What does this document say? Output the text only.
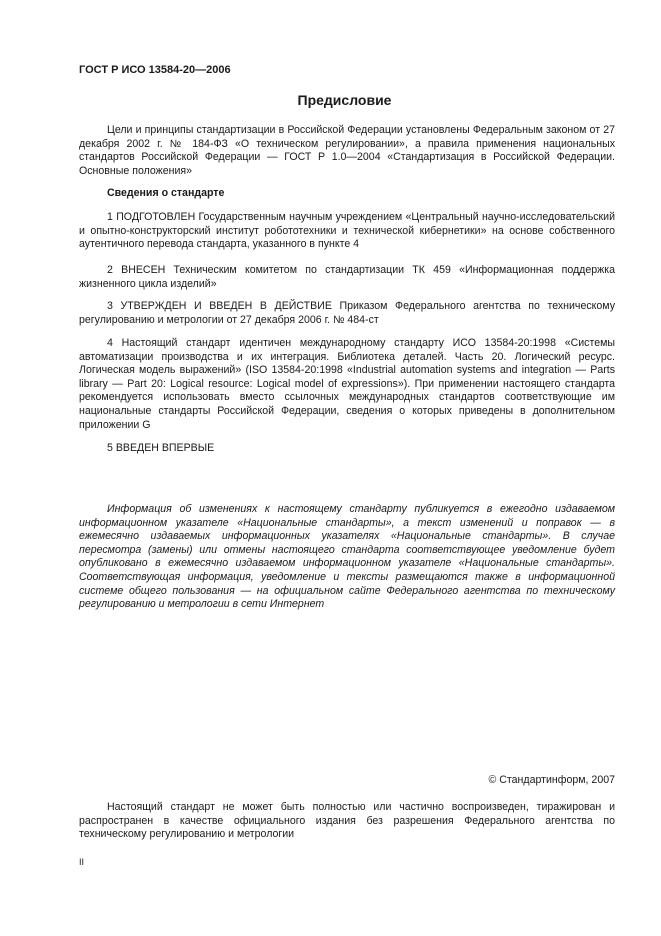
ГОСТ Р ИСО 13584-20—2006
Предисловие

Цели и принципы стандартизации в Российской Федерации установлены Федеральным законом от 27 декабря 2002 г. № 184-ФЗ «О техническом регулировании», а правила применения национальных стандартов Российской Федерации — ГОСТ Р 1.0—2004 «Стандартизация в Российской Федерации. Основные положения»

Сведения о стандарте

1 ПОДГОТОВЛЕН Государственным научным учреждением «Центральный научно-исследовательский и опытно-конструкторский институт робототехники и технической кибернетики» на основе собственного аутентичного перевода стандарта, указанного в пункте 4

2 ВНЕСЕН Техническим комитетом по стандартизации ТК 459 «Информационная поддержка жизненного цикла изделий»

3 УТВЕРЖДЕН И ВВЕДЕН В ДЕЙСТВИЕ Приказом Федерального агентства по техническому регулированию и метрологии от 27 декабря 2006 г. № 484-ст

4 Настоящий стандарт идентичен международному стандарту ИСО 13584-20:1998 «Системы автоматизации производства и их интеграция. Библиотека деталей. Часть 20. Логический ресурс. Логическая модель выражений» (ISO 13584-20:1998 «Industrial automation systems and integration — Parts library — Part 20: Logical resource: Logical model of expressions»). При применении настоящего стандарта рекомендуется использовать вместо ссылочных международных стандартов соответствующие им национальные стандарты Российской Федерации, сведения о которых приведены в дополнительном приложении G

5 ВВЕДЕН ВПЕРВЫЕ

Информация об изменениях к настоящему стандарту публикуется в ежегодно издаваемом информационном указателе «Национальные стандарты», а текст изменений и поправок — в ежемесячно издаваемых информационных указателях «Национальные стандарты». В случае пересмотра (замены) или отмены настоящего стандарта соответствующее уведомление будет опубликовано в ежемесячно издаваемом информационном указателе «Национальные стандарты». Соответствующая информация, уведомление и тексты размещаются также в информационной системе общего пользования — на официальном сайте Федерального агентства по техническому регулированию и метрологии в сети Интернет

© Стандартинформ, 2007

Настоящий стандарт не может быть полностью или частично воспроизведен, тиражирован и распространен в качестве официального издания без разрешения Федерального агентства по техническому регулированию и метрологии

II
